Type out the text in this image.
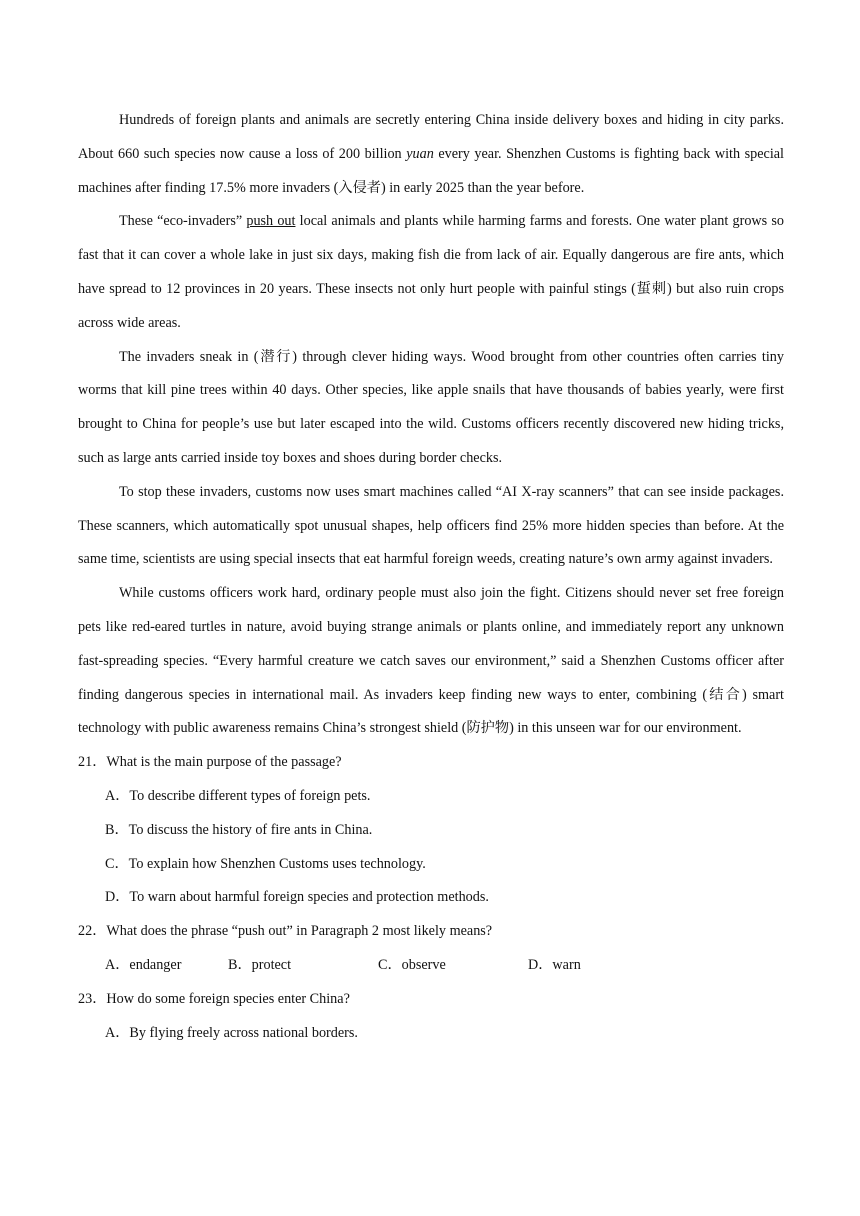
Hundreds of foreign plants and animals are secretly entering China inside delivery boxes and hiding in city parks. About 660 such species now cause a loss of 200 billion yuan every year. Shenzhen Customs is fighting back with special machines after finding 17.5% more invaders (入侵者) in early 2025 than the year before.

These “eco-invaders” push out local animals and plants while harming farms and forests. One water plant grows so fast that it can cover a whole lake in just six days, making fish die from lack of air. Equally dangerous are fire ants, which have spread to 12 provinces in 20 years. These insects not only hurt people with painful stings (蜇刺) but also ruin crops across wide areas.

The invaders sneak in (潜行) through clever hiding ways. Wood brought from other countries often carries tiny worms that kill pine trees within 40 days. Other species, like apple snails that have thousands of babies yearly, were first brought to China for people’s use but later escaped into the wild. Customs officers recently discovered new hiding tricks, such as large ants carried inside toy boxes and shoes during border checks.

To stop these invaders, customs now uses smart machines called “AI X-ray scanners” that can see inside packages. These scanners, which automatically spot unusual shapes, help officers find 25% more hidden species than before. At the same time, scientists are using special insects that eat harmful foreign weeds, creating nature’s own army against invaders.

While customs officers work hard, ordinary people must also join the fight. Citizens should never set free foreign pets like red-eared turtles in nature, avoid buying strange animals or plants online, and immediately report any unknown fast-spreading species. “Every harmful creature we catch saves our environment,” said a Shenzhen Customs officer after finding dangerous species in international mail. As invaders keep finding new ways to enter, combining (结合) smart technology with public awareness remains China’s strongest shield (防护物) in this unseen war for our environment.

21．What is the main purpose of the passage?

A．To describe different types of foreign pets.

B．To discuss the history of fire ants in China.

C．To explain how Shenzhen Customs uses technology.

D．To warn about harmful foreign species and protection methods.

22．What does the phrase “push out” in Paragraph 2 most likely means?

A．endanger	B．protect	C．observe	D．warn

23．How do some foreign species enter China?

A．By flying freely across national borders.
